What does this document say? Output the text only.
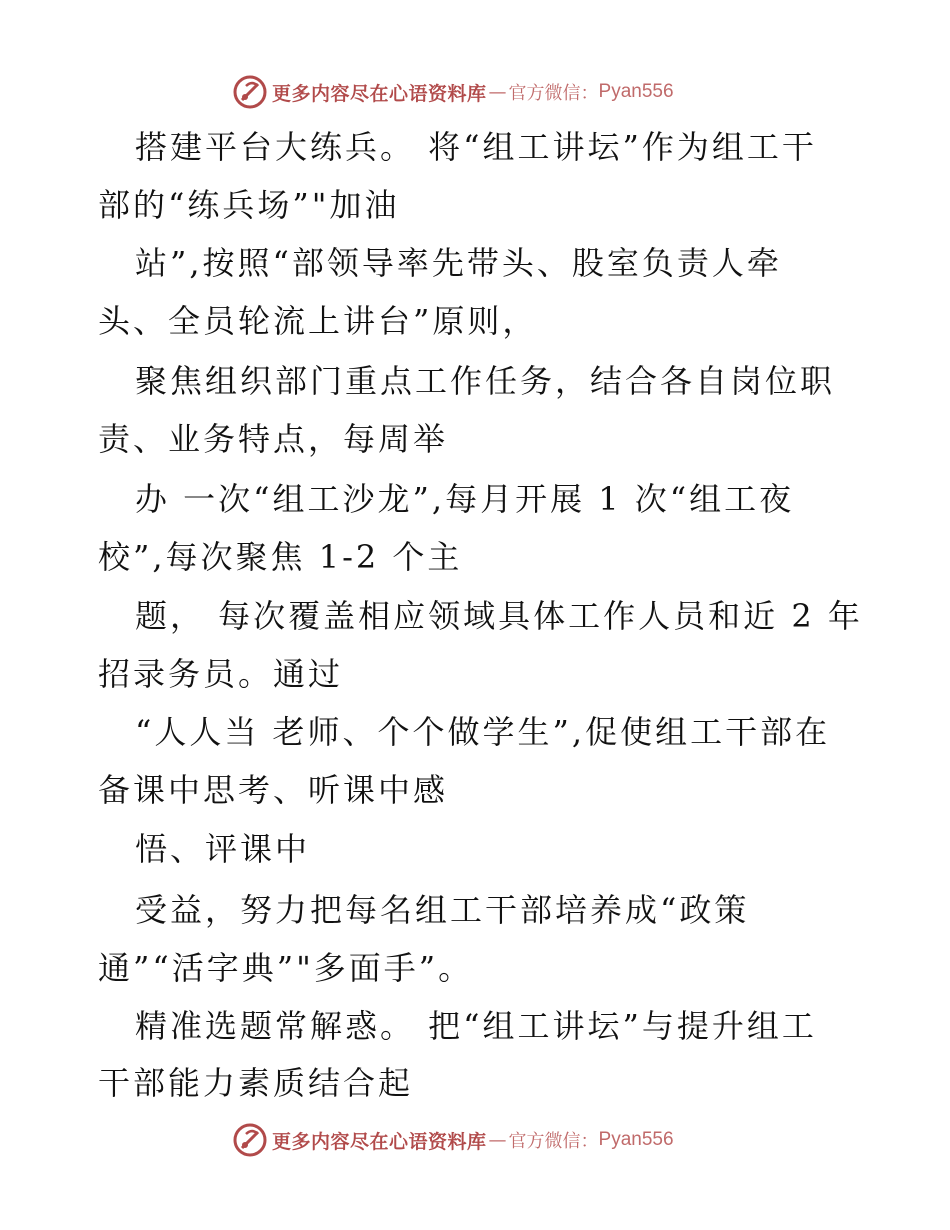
更多内容尽在心语资料库 — 官方微信： Pyan556
搭建平台大练兵。 将“组工讲坛”作为组工干
部的“练兵场”"加油
站”,按照“部领导率先带头、股室负责人牵
头、全员轮流上讲台”原则，
聚焦组织部门重点工作任务，结合各自岗位职
责、业务特点，每周举
办 一次“组工沙龙”,每月开展 1 次“组工夜
校”,每次聚焦 1-2 个主
题， 每次覆盖相应领域具体工作人员和近 2 年
招录务员。通过
“人人当 老师、个个做学生”,促使组工干部在
备课中思考、听课中感
悟、评课中
受益，努力把每名组工干部培养成“政策
通”“活字典”"多面手”。
精准选题常解惑。 把“组工讲坛”与提升组工
干部能力素质结合起
更多内容尽在心语资料库 — 官方微信： Pyan556
